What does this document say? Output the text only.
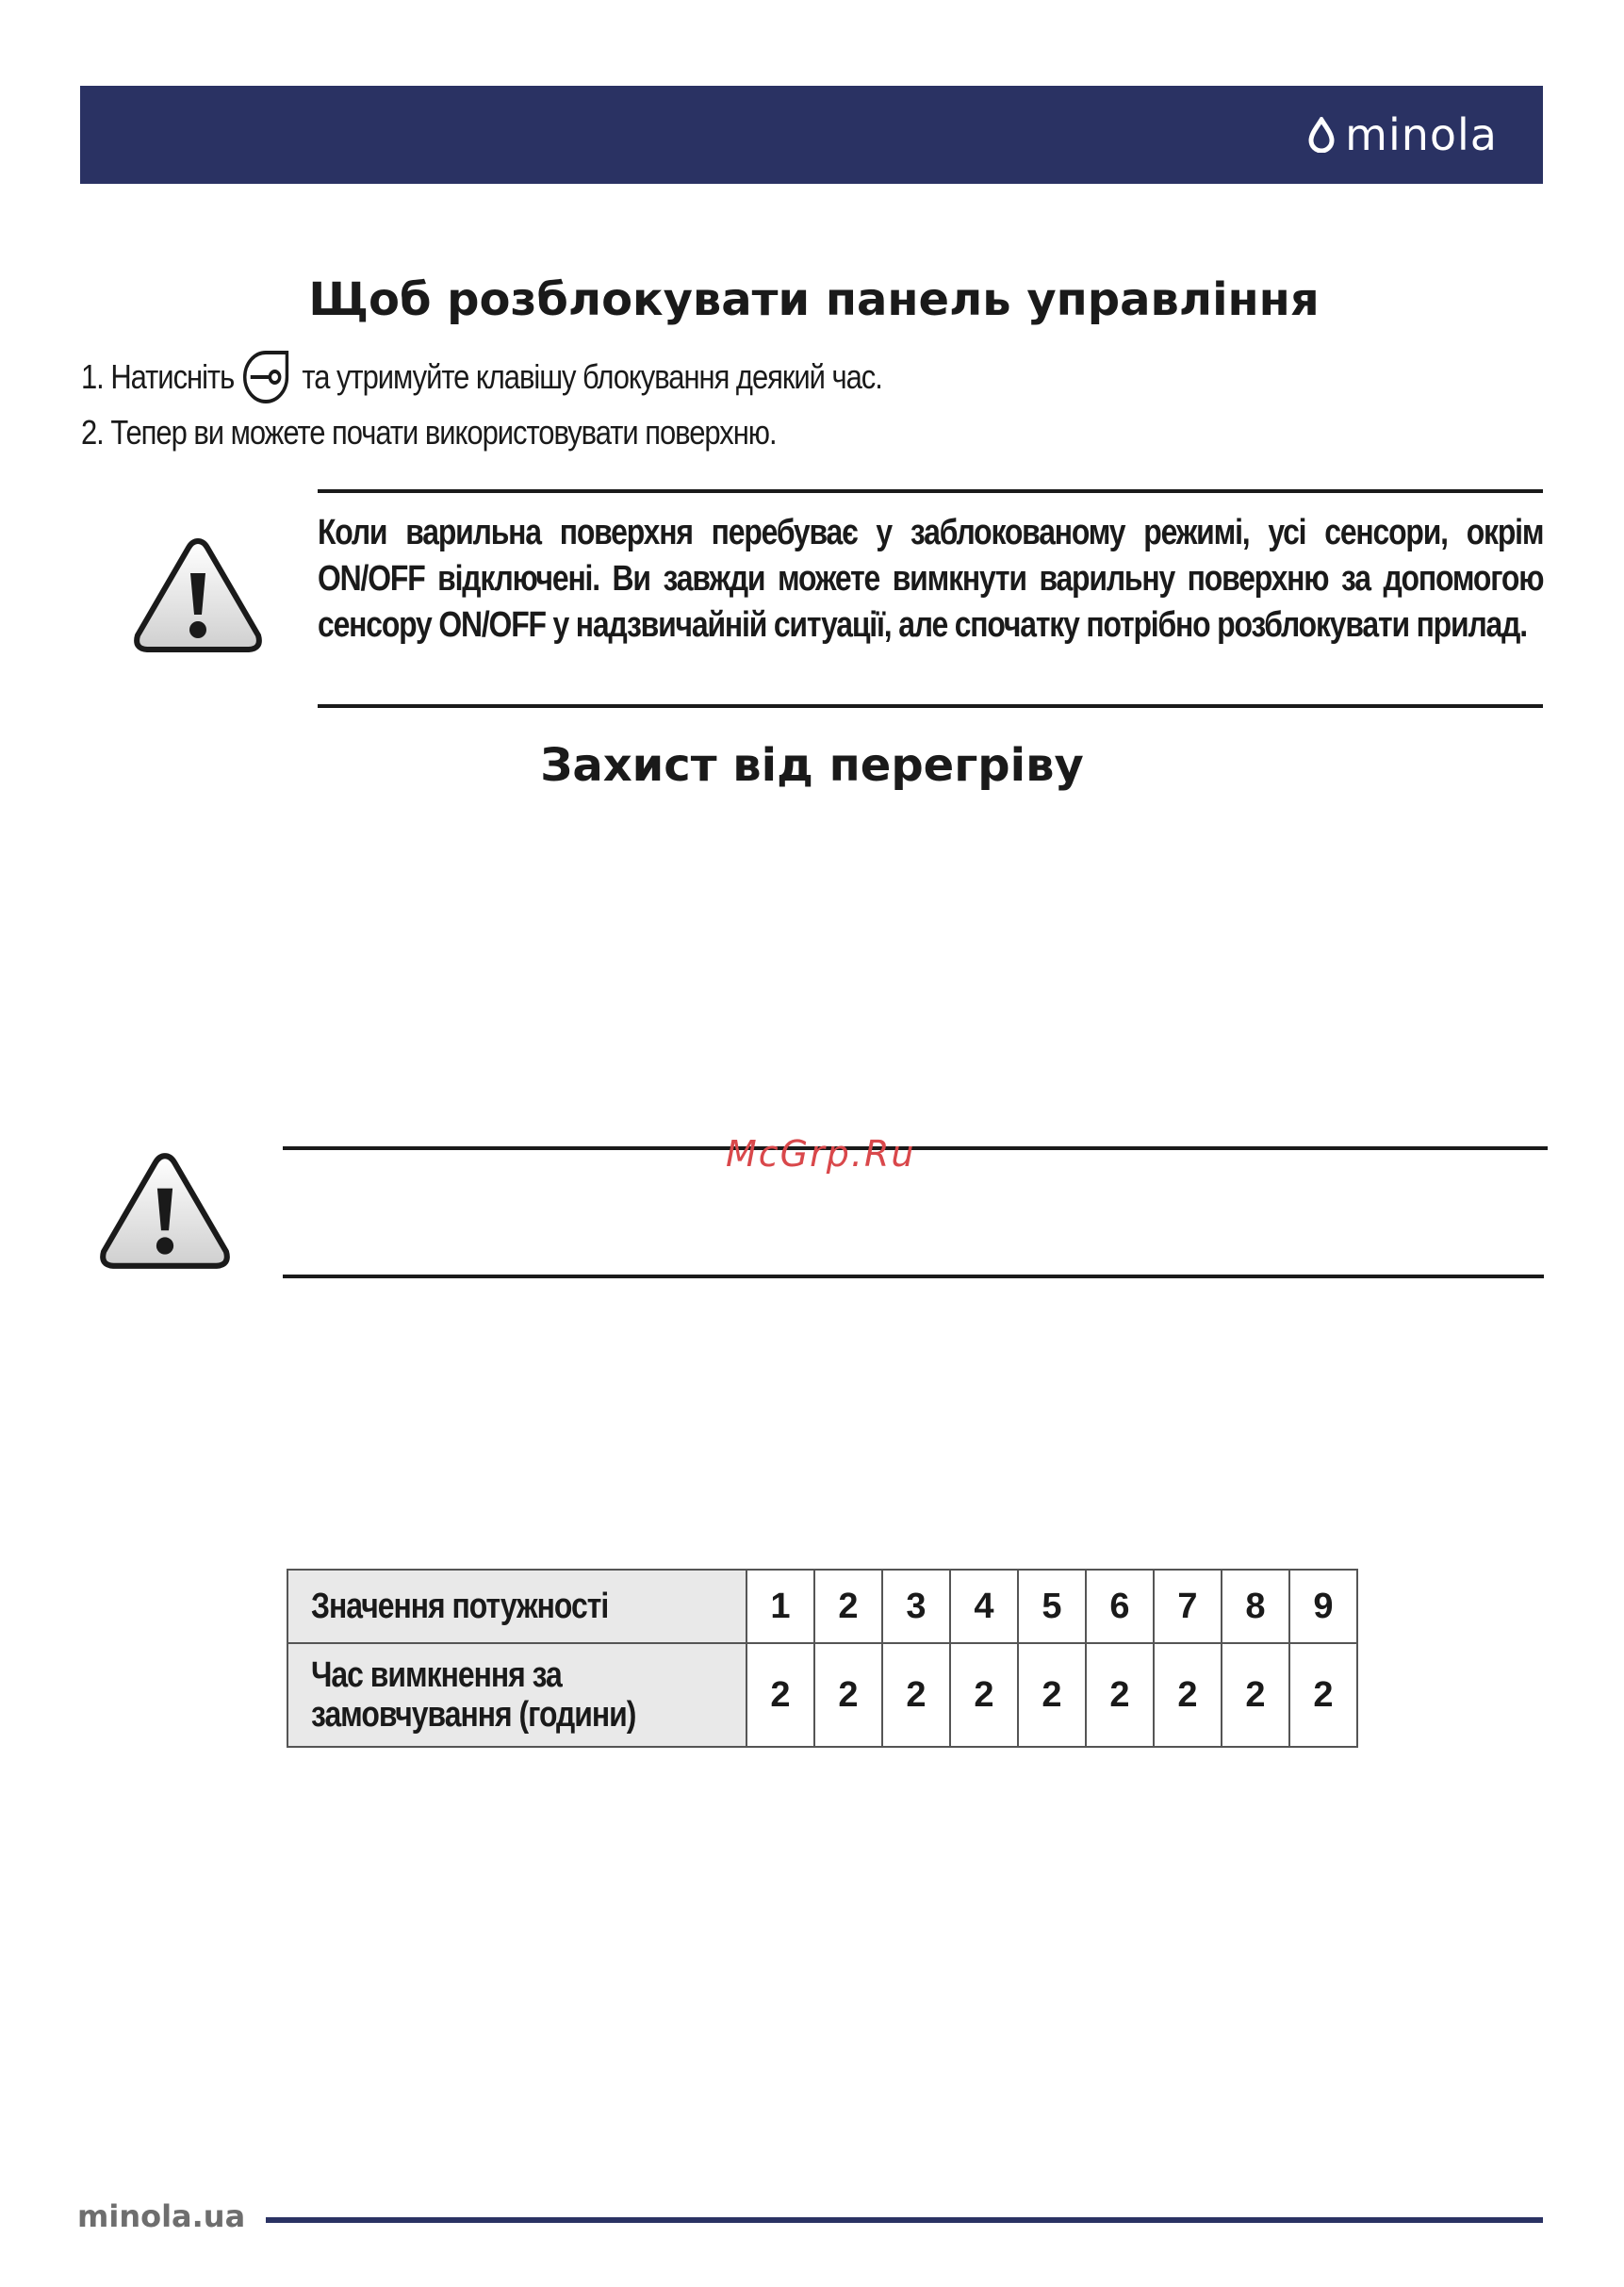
minola
Щоб розблокувати панель управління
1. Натисніть та утримуйте клавішу блокування деякий час.
2. Тепер ви можете почати використовувати поверхню.
Коли варильна поверхня перебуває у заблокованому режимі, усі сенсори, окрім ON/OFF відключені. Ви завжди можете вимкнути варильну поверхню за допомогою сенсору ON/OFF у надзвичайній ситуації, але спочатку потрібно розблокувати прилад.
Захист від перегріву
McGrp.Ru
Значення потужності	1	2	3	4	5	6	7	8	9
Час вимкнення за
замовчування (години)	2	2	2	2	2	2	2	2	2
minola.ua
